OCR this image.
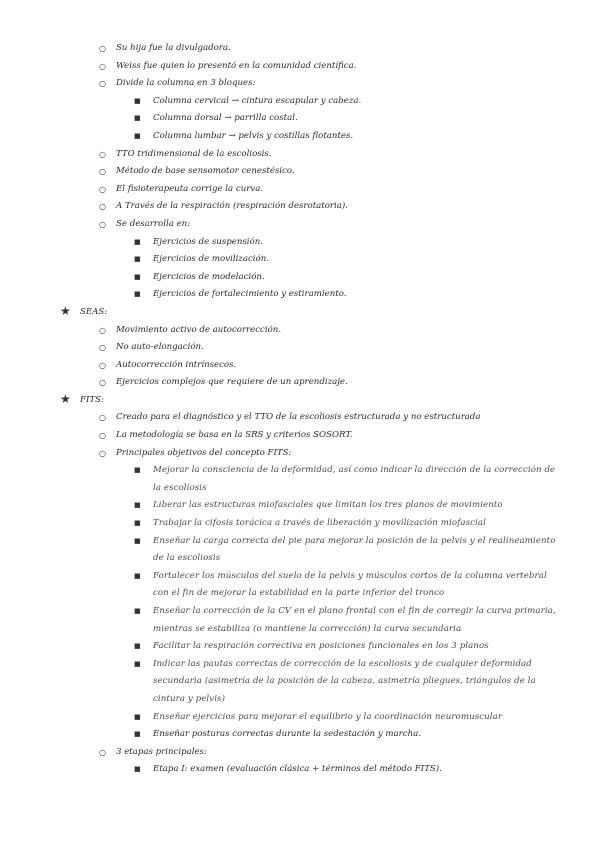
○ Su hija fue la divulgadora.
○ Weiss fue quien lo presentó en la comunidad científica.
○ Divide la columna en 3 bloques:
■ Columna cervical → cintura escapular y cabeza.
■ Columna dorsal → parrilla costal.
■ Columna lumbar → pelvis y costillas flotantes.
○ TTO tridimensional de la escoliosis.
○ Método de base sensomotor cenestésico.
○ El fisioterapeuta corrige la curva.
○ A Través de la respiración (respiración desrotatoria).
○ Se desarrolla en:
■ Ejercicios de suspensión.
■ Ejercicios de movilización.
■ Ejercicios de modelación.
■ Ejercicios de fortalecimiento y estiramiento.
★ SEAS:
○ Movimiento activo de autocorrección.
○ No auto-elongación.
○ Autocorrección intrínsecos.
○ Ejercicios complejos que requiere de un aprendizaje.
★ FITS:
○ Creado para el diagnóstico y el TTO de la escoliosis estructurada y no estructurada
○ La metodología se basa en la SRS y criterios SOSORT.
○ Principales objetivos del concepto FITS:
■ Mejorar la consciencia de la deformidad, así como indicar la dirección de la corrección de la escoliosis
■ Liberar las estructuras miofasciales que limitan los tres planos de movimiento
■ Trabajar la cifosis torácica a través de liberación y movilización miofascial
■ Enseñar la carga correcta del pie para mejorar la posición de la pelvis y el realineamiento de la escoliosis
■ Fortalecer los músculos del suelo de la pelvis y músculos cortos de la columna vertebral con el fin de mejorar la estabilidad en la parte inferior del tronco
■ Enseñar la corrección de la CV en el plano frontal con el fin de corregir la curva primaria, mientras se estabiliza (o mantiene la corrección) la curva secundaria
■ Facilitar la respiración correctiva en posiciones funcionales en los 3 planos
■ Indicar las pautas correctas de corrección de la escoliosis y de cualquier deformidad secundaria (asimetría de la posición de la cabeza, asimetría pliegues, triángulos de la cintura y pelvis)
■ Enseñar ejercicios para mejorar el equilibrio y la coordinación neuromuscular
■ Enseñar posturas correctas durante la sedestación y marcha.
○ 3 etapas principales:
■ Etapa I: examen (evaluación clásica + términos del método FITS).
